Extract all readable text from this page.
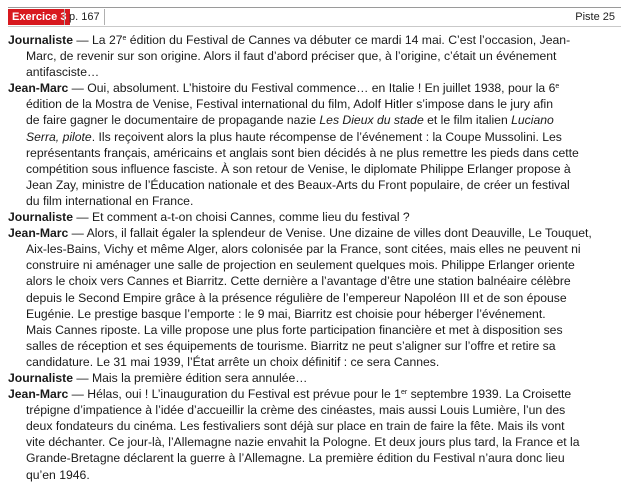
Exercice 3 p. 167	Piste 25
Journaliste — La 27e édition du Festival de Cannes va débuter ce mardi 14 mai. C’est l’occasion, Jean-
Marc, de revenir sur son origine. Alors il faut d’abord préciser que, à l’origine, c’était un événement
antifasciste…
Jean-Marc — Oui, absolument. L’histoire du Festival commence… en Italie ! En juillet 1938, pour la 6e
édition de la Mostra de Venise, Festival international du film, Adolf Hitler s’impose dans le jury afin
de faire gagner le documentaire de propagande nazie Les Dieux du stade et le film italien Luciano
Serra, pilote. Ils reçoivent alors la plus haute récompense de l’événement : la Coupe Mussolini. Les
représentants français, américains et anglais sont bien décidés à ne plus remettre les pieds dans cette
compétition sous influence fasciste. À son retour de Venise, le diplomate Philippe Erlanger propose à
Jean Zay, ministre de l’Éducation nationale et des Beaux-Arts du Front populaire, de créer un festival
du film international en France.
Journaliste — Et comment a-t-on choisi Cannes, comme lieu du festival ?
Jean-Marc — Alors, il fallait égaler la splendeur de Venise. Une dizaine de villes dont Deauville, Le Touquet,
Aix-les-Bains, Vichy et même Alger, alors colonisée par la France, sont citées, mais elles ne peuvent ni
construire ni aménager une salle de projection en seulement quelques mois. Philippe Erlanger oriente
alors le choix vers Cannes et Biarritz. Cette dernière a l’avantage d’être une station balnéaire célèbre
depuis le Second Empire grâce à la présence régulière de l’empereur Napoléon III et de son épouse
Eugénie. Le prestige basque l’emporte : le 9 mai, Biarritz est choisie pour héberger l’événement.
Mais Cannes riposte. La ville propose une plus forte participation financière et met à disposition ses
salles de réception et ses équipements de tourisme. Biarritz ne peut s’aligner sur l’offre et retire sa
candidature. Le 31 mai 1939, l’État arrête un choix définitif : ce sera Cannes.
Journaliste — Mais la première édition sera annulée…
Jean-Marc — Hélas, oui ! L’inauguration du Festival est prévue pour le 1er septembre 1939. La Croisette
trépigne d’impatience à l’idée d’accueillir la crème des cinéastes, mais aussi Louis Lumière, l’un des
deux fondateurs du cinéma. Les festivaliers sont déjà sur place en train de faire la fête. Mais ils vont
vite déchanter. Ce jour-là, l’Allemagne nazie envahit la Pologne. Et deux jours plus tard, la France et la
Grande-Bretagne déclarent la guerre à l’Allemagne. La première édition du Festival n’aura donc lieu
qu’en 1946.
